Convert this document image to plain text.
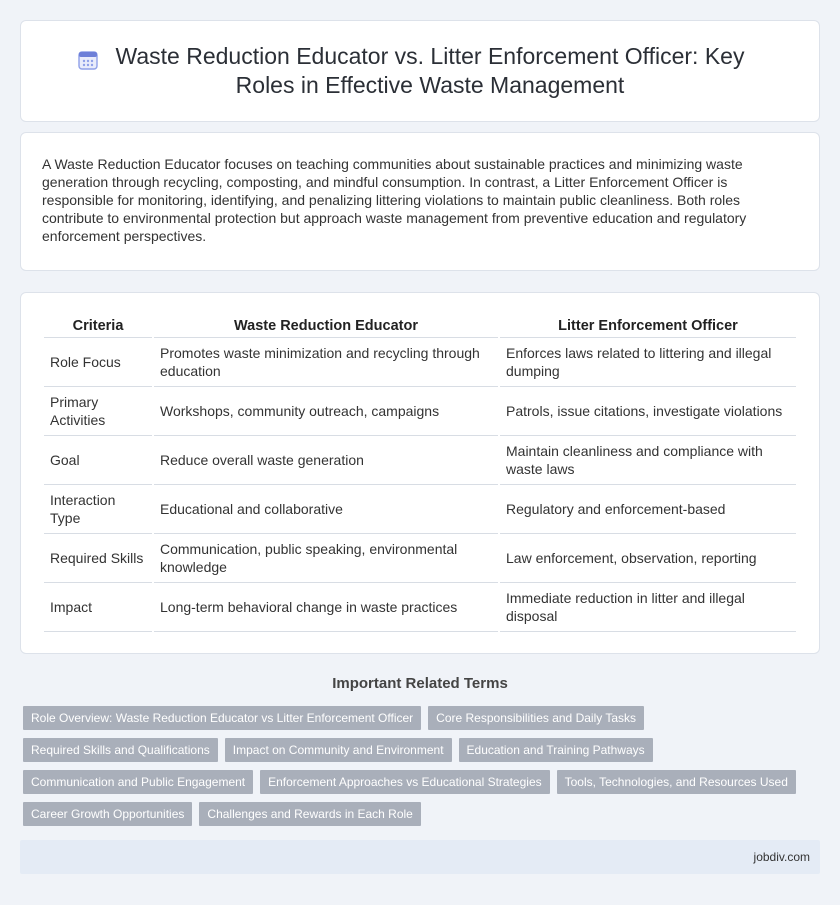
Waste Reduction Educator vs. Litter Enforcement Officer: Key Roles in Effective Waste Management

A Waste Reduction Educator focuses on teaching communities about sustainable practices and minimizing waste generation through recycling, composting, and mindful consumption. In contrast, a Litter Enforcement Officer is responsible for monitoring, identifying, and penalizing littering violations to maintain public cleanliness. Both roles contribute to environmental protection but approach waste management from preventive education and regulatory enforcement perspectives.

Criteria	Waste Reduction Educator	Litter Enforcement Officer
Role Focus	Promotes waste minimization and recycling through education	Enforces laws related to littering and illegal dumping
Primary Activities	Workshops, community outreach, campaigns	Patrols, issue citations, investigate violations
Goal	Reduce overall waste generation	Maintain cleanliness and compliance with waste laws
Interaction Type	Educational and collaborative	Regulatory and enforcement-based
Required Skills	Communication, public speaking, environmental knowledge	Law enforcement, observation, reporting
Impact	Long-term behavioral change in waste practices	Immediate reduction in litter and illegal disposal
Important Related Terms
Role Overview: Waste Reduction Educator vs Litter Enforcement Officer	Core Responsibilities and Daily Tasks
Required Skills and Qualifications	Impact on Community and Environment	Education and Training Pathways
Communication and Public Engagement	Enforcement Approaches vs Educational Strategies	Tools, Technologies, and Resources Used
Career Growth Opportunities	Challenges and Rewards in Each Role
jobdiv.com
